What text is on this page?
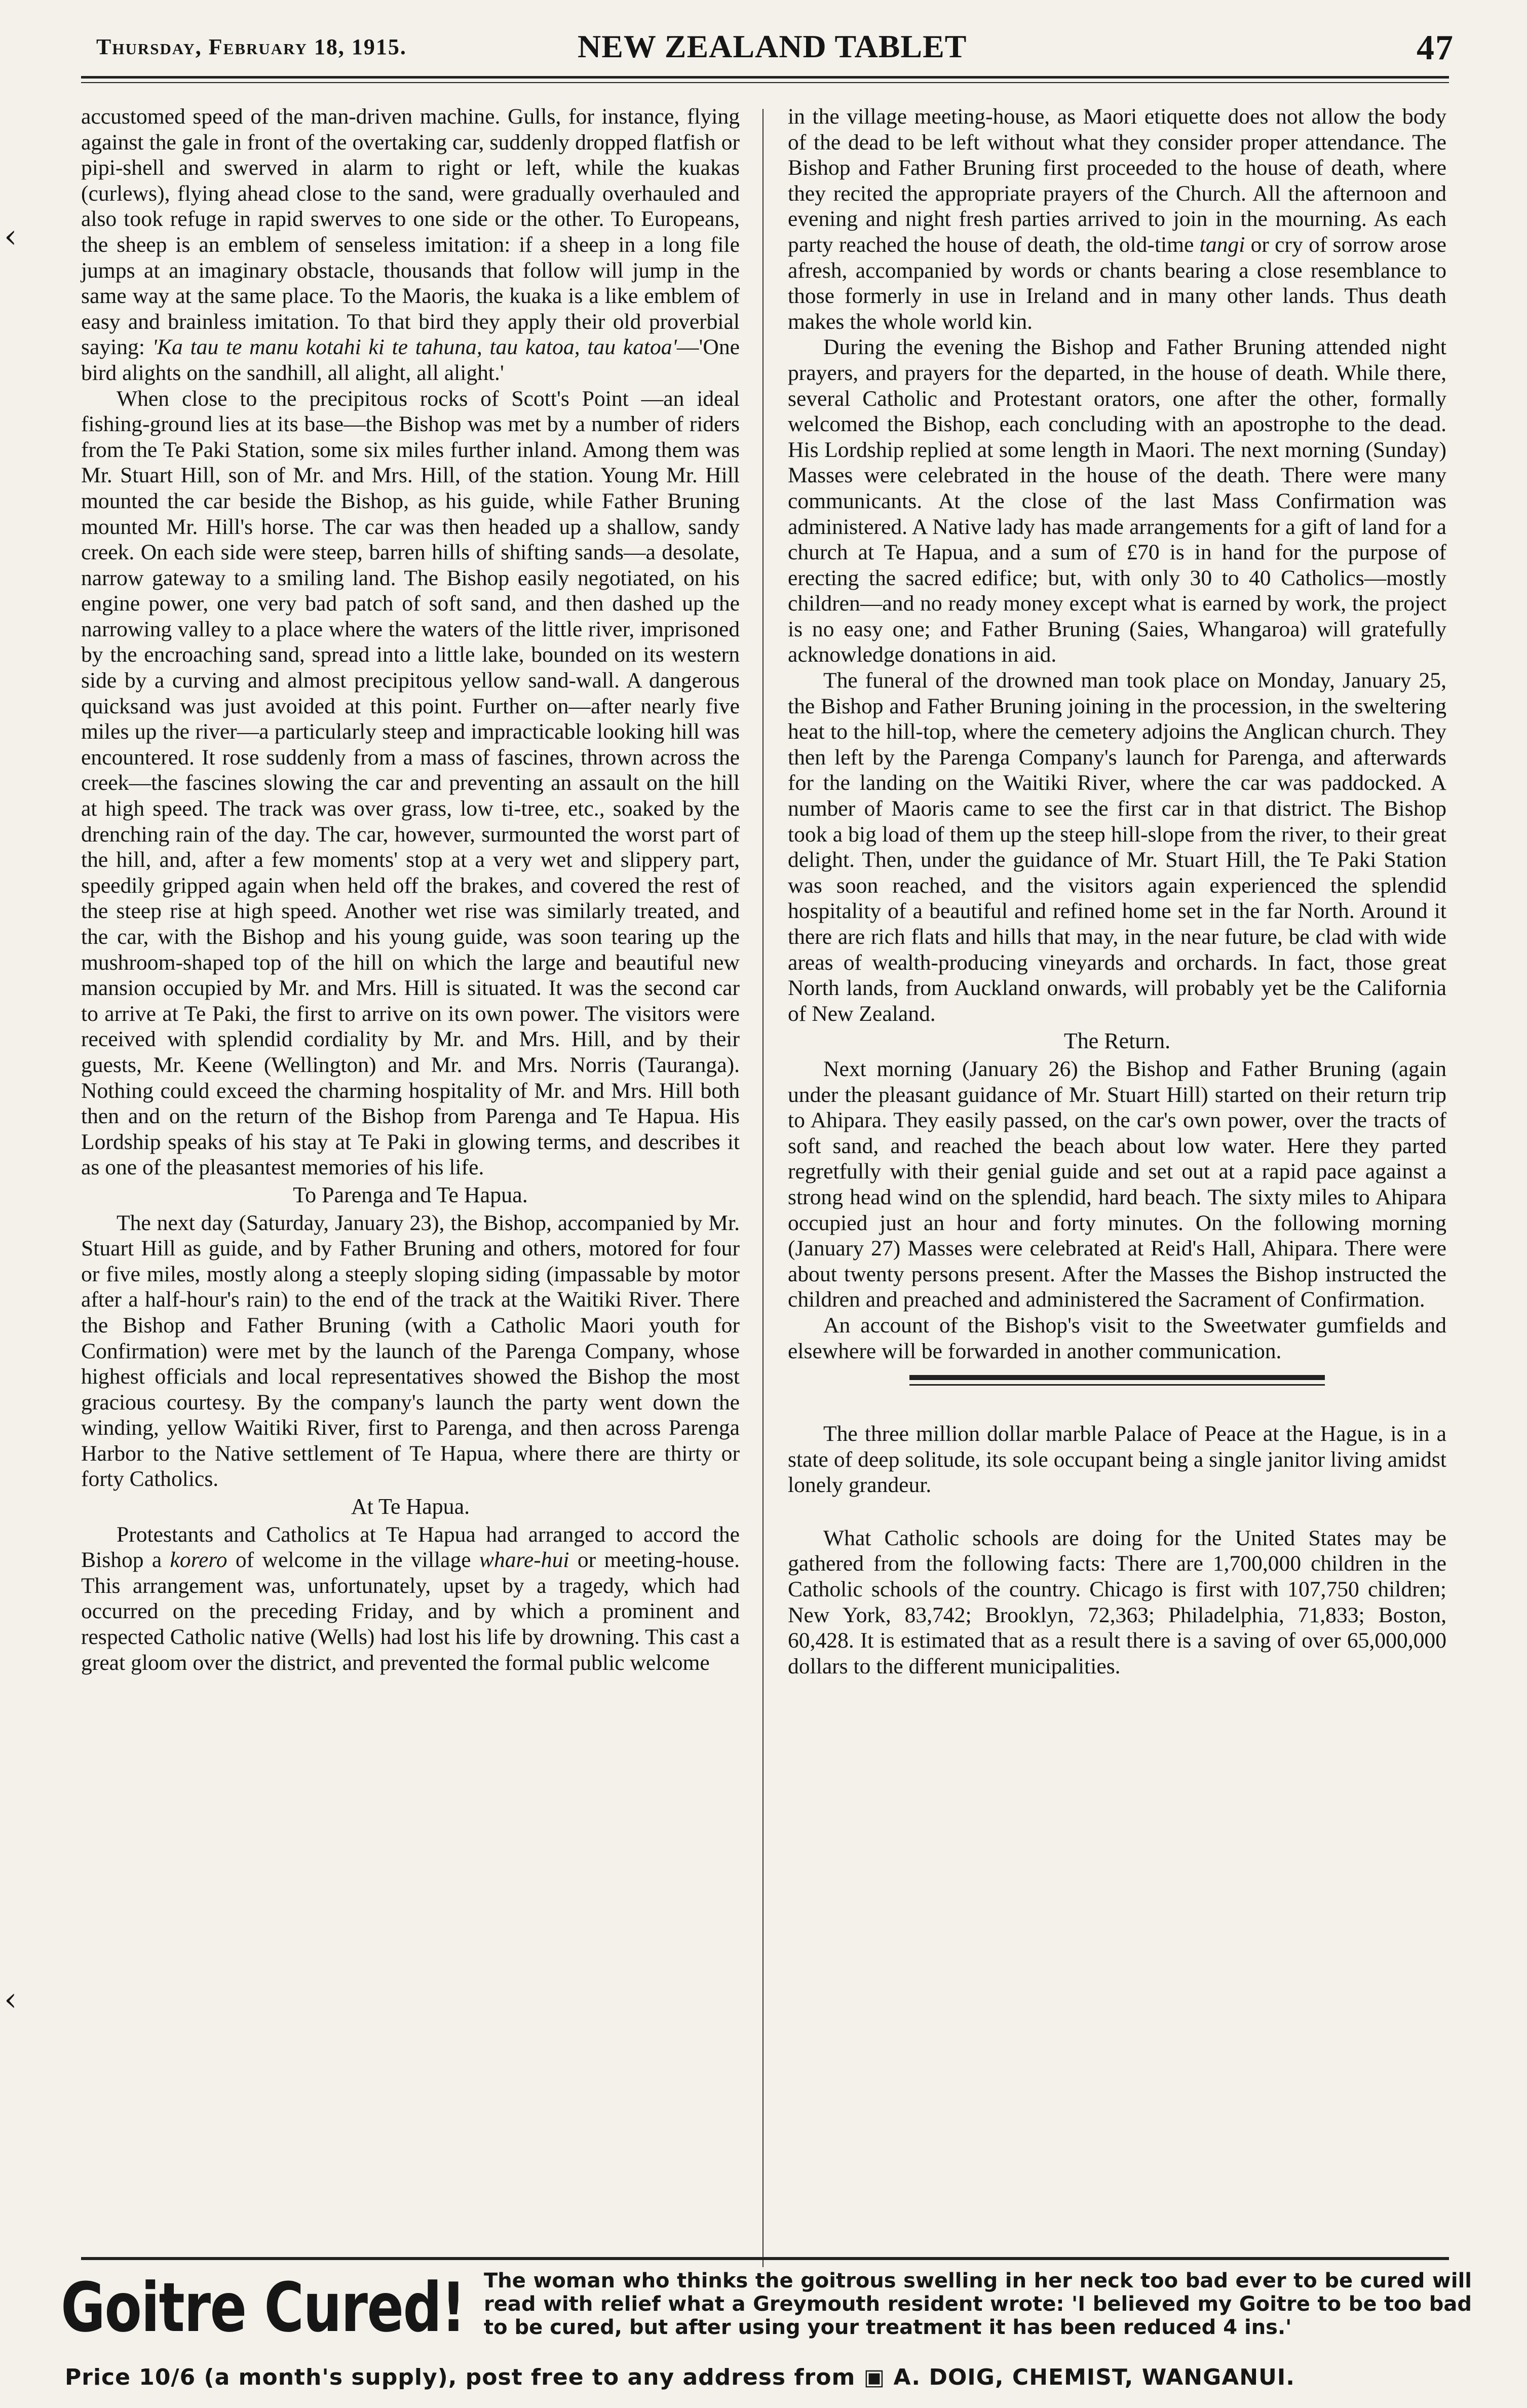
Thursday, February 18, 1915.	NEW ZEALAND TABLET	47
‹
‹

accustomed speed of the man-driven machine. Gulls, for instance, flying against the gale in front of the overtaking car, suddenly dropped flatfish or pipi-shell and swerved in alarm to right or left, while the kuakas (curlews), flying ahead close to the sand, were gradually overhauled and also took refuge in rapid swerves to one side or the other. To Europeans, the sheep is an emblem of senseless imitation: if a sheep in a long file jumps at an imaginary obstacle, thousands that follow will jump in the same way at the same place. To the Maoris, the kuaka is a like emblem of easy and brainless imitation. To that bird they apply their old proverbial saying: 'Ka tau te manu kotahi ki te tahuna, tau katoa, tau katoa'—'One bird alights on the sandhill, all alight, all alight.'

When close to the precipitous rocks of Scott's Point —an ideal fishing-ground lies at its base—the Bishop was met by a number of riders from the Te Paki Station, some six miles further inland. Among them was Mr. Stuart Hill, son of Mr. and Mrs. Hill, of the station. Young Mr. Hill mounted the car beside the Bishop, as his guide, while Father Bruning mounted Mr. Hill's horse. The car was then headed up a shallow, sandy creek. On each side were steep, barren hills of shifting sands—a desolate, narrow gateway to a smiling land. The Bishop easily negotiated, on his engine power, one very bad patch of soft sand, and then dashed up the narrowing valley to a place where the waters of the little river, imprisoned by the encroaching sand, spread into a little lake, bounded on its western side by a curving and almost precipitous yellow sand-wall. A dangerous quicksand was just avoided at this point. Further on—after nearly five miles up the river—a particularly steep and impracticable looking hill was encountered. It rose suddenly from a mass of fascines, thrown across the creek—the fascines slowing the car and preventing an assault on the hill at high speed. The track was over grass, low ti-tree, etc., soaked by the drenching rain of the day. The car, however, surmounted the worst part of the hill, and, after a few moments' stop at a very wet and slippery part, speedily gripped again when held off the brakes, and covered the rest of the steep rise at high speed. Another wet rise was similarly treated, and the car, with the Bishop and his young guide, was soon tearing up the mushroom-shaped top of the hill on which the large and beautiful new mansion occupied by Mr. and Mrs. Hill is situated. It was the second car to arrive at Te Paki, the first to arrive on its own power. The visitors were received with splendid cordiality by Mr. and Mrs. Hill, and by their guests, Mr. Keene (Wellington) and Mr. and Mrs. Norris (Tauranga). Nothing could exceed the charming hospitality of Mr. and Mrs. Hill both then and on the return of the Bishop from Parenga and Te Hapua. His Lordship speaks of his stay at Te Paki in glowing terms, and describes it as one of the pleasantest memories of his life.

To Parenga and Te Hapua.

The next day (Saturday, January 23), the Bishop, accompanied by Mr. Stuart Hill as guide, and by Father Bruning and others, motored for four or five miles, mostly along a steeply sloping siding (impassable by motor after a half-hour's rain) to the end of the track at the Waitiki River. There the Bishop and Father Bruning (with a Catholic Maori youth for Confirmation) were met by the launch of the Parenga Company, whose highest officials and local representatives showed the Bishop the most gracious courtesy. By the company's launch the party went down the winding, yellow Waitiki River, first to Parenga, and then across Parenga Harbor to the Native settlement of Te Hapua, where there are thirty or forty Catholics.

At Te Hapua.

Protestants and Catholics at Te Hapua had arranged to accord the Bishop a korero of welcome in the village whare-hui or meeting-house. This arrangement was, unfortunately, upset by a tragedy, which had occurred on the preceding Friday, and by which a prominent and respected Catholic native (Wells) had lost his life by drowning. This cast a great gloom over the district, and prevented the formal public welcome

in the village meeting-house, as Maori etiquette does not allow the body of the dead to be left without what they consider proper attendance. The Bishop and Father Bruning first proceeded to the house of death, where they recited the appropriate prayers of the Church. All the afternoon and evening and night fresh parties arrived to join in the mourning. As each party reached the house of death, the old-time tangi or cry of sorrow arose afresh, accompanied by words or chants bearing a close resemblance to those formerly in use in Ireland and in many other lands. Thus death makes the whole world kin.

During the evening the Bishop and Father Bruning attended night prayers, and prayers for the departed, in the house of death. While there, several Catholic and Protestant orators, one after the other, formally welcomed the Bishop, each concluding with an apostrophe to the dead. His Lordship replied at some length in Maori. The next morning (Sunday) Masses were celebrated in the house of the death. There were many communicants. At the close of the last Mass Confirmation was administered. A Native lady has made arrangements for a gift of land for a church at Te Hapua, and a sum of £70 is in hand for the purpose of erecting the sacred edifice; but, with only 30 to 40 Catholics—mostly children—and no ready money except what is earned by work, the project is no easy one; and Father Bruning (Saies, Whangaroa) will gratefully acknowledge donations in aid.

The funeral of the drowned man took place on Monday, January 25, the Bishop and Father Bruning joining in the procession, in the sweltering heat to the hill-top, where the cemetery adjoins the Anglican church. They then left by the Parenga Company's launch for Parenga, and afterwards for the landing on the Waitiki River, where the car was paddocked. A number of Maoris came to see the first car in that district. The Bishop took a big load of them up the steep hill-slope from the river, to their great delight. Then, under the guidance of Mr. Stuart Hill, the Te Paki Station was soon reached, and the visitors again experienced the splendid hospitality of a beautiful and refined home set in the far North. Around it there are rich flats and hills that may, in the near future, be clad with wide areas of wealth-producing vineyards and orchards. In fact, those great North lands, from Auckland onwards, will probably yet be the California of New Zealand.

The Return.

Next morning (January 26) the Bishop and Father Bruning (again under the pleasant guidance of Mr. Stuart Hill) started on their return trip to Ahipara. They easily passed, on the car's own power, over the tracts of soft sand, and reached the beach about low water. Here they parted regretfully with their genial guide and set out at a rapid pace against a strong head wind on the splendid, hard beach. The sixty miles to Ahipara occupied just an hour and forty minutes. On the following morning (January 27) Masses were celebrated at Reid's Hall, Ahipara. There were about twenty persons present. After the Masses the Bishop instructed the children and preached and administered the Sacrament of Confirmation.

An account of the Bishop's visit to the Sweetwater gumfields and elsewhere will be forwarded in another communication.

The three million dollar marble Palace of Peace at the Hague, is in a state of deep solitude, its sole occupant being a single janitor living amidst lonely grandeur.

What Catholic schools are doing for the United States may be gathered from the following facts: There are 1,700,000 children in the Catholic schools of the country. Chicago is first with 107,750 children; New York, 83,742; Brooklyn, 72,363; Philadelphia, 71,833; Boston, 60,428. It is estimated that as a result there is a saving of over 65,000,000 dollars to the different municipalities.

Goitre Cured! The woman who thinks the goitrous swelling in her neck too bad ever to be cured will read with relief what a Greymouth resident wrote: 'I believed my Goitre to be too bad to be cured, but after using your treatment it has been reduced 4 ins.'
Price 10/6 (a month's supply), post free to any address from ▣ A. DOIG, CHEMIST, WANGANUI.
